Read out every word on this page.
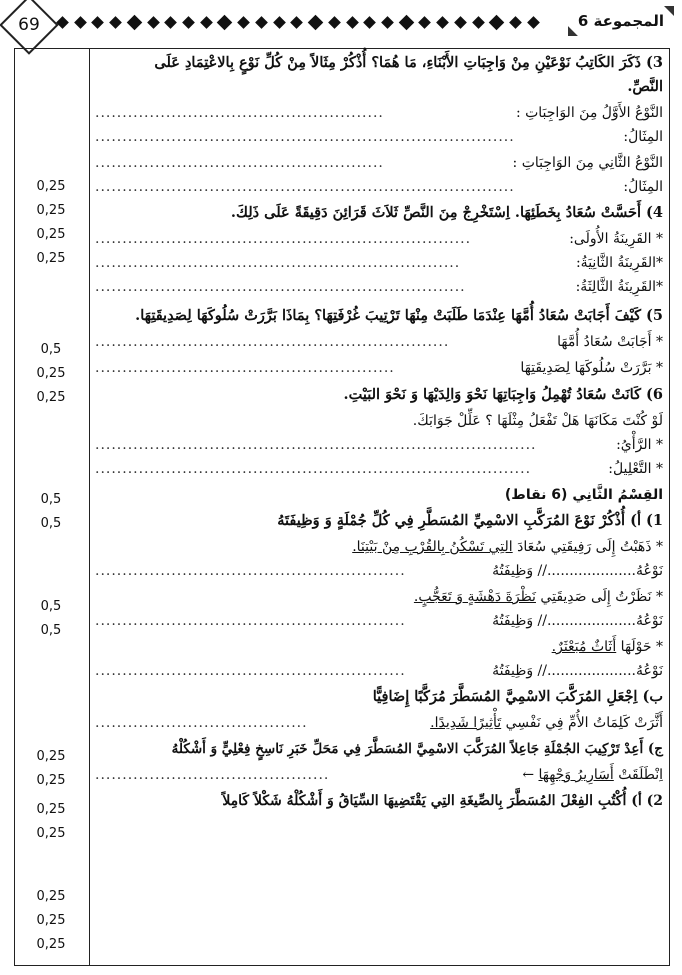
69	المجموعة 6
0,25
0,25
0,25
0,25
0,5
0,25
0,25
0,5
0,5
0,5
0,5
0,25
0,25
0,25
0,25
0,25
0,25
0,25
3) ذَكَرَ الكَاتِبُ نَوْعَيْنِ مِنْ وَاجِبَاتِ الأَبْنَاءِ، مَا هُمَا؟ أُذْكُرْ مِثَالاً مِنْ كُلِّ نَوْعٍ بِالاعْتِمَادِ عَلَى
النَّصِّ.
النَّوْعُ الأَوَّلُ مِنَ الوَاجِبَاتِ :
.....................................................
المِثَالُ:
.............................................................................
النَّوْعُ الثَّانِي مِنَ الوَاجِبَاتِ :
.....................................................
المِثَالُ:
.............................................................................
4) أَحَسَّتْ سُعَادُ بِخَطَئِهَا. اِسْتَخْرِجْ مِنَ النَّصِّ ثَلاَثَ قَرَائِنَ دَقِيقَةً عَلَى ذَلِكَ.
* القَرِينَةُ الأُولَى:
.....................................................................
*القَرِينَةُ الثَّانِيَةُ:
...................................................................
*القَرِينَةُ الثَّالِثَةُ:
....................................................................
5) كَيْفَ أَجَابَتْ سُعَادُ أُمَّهَا عِنْدَمَا طَلَبَتْ مِنْهَا تَرْتِيبَ غُرْفَتِهَا؟ بِمَاذَا بَرَّرَتْ سُلُوكَهَا لِصَدِيقَتِهَا.
* أَجَابَتْ سُعَادُ أُمَّهَا
.................................................................
* بَرَّرَتْ سُلُوكَهَا لِصَدِيقَتِهَا
.......................................................
6) كَانَتْ سُعَادُ تُهْمِلُ وَاجِبَاتِهَا نَحْوَ وَالِدَيْهَا وَ نَحْوَ البَيْتِ.
لَوْ كُنْتَ مَكَانَهَا هَلْ تَفْعَلُ مِثْلَهَا ؟ عَلِّلْ جَوَابَكَ.
* الرَّأْيُ:
.................................................................................
* التَّعْلِيلُ:
................................................................................
القِسْمُ الثَّانِي (6 نقاط)
1) أ) أُذْكُرْ نَوْعَ المُرَكَّبِ الاسْمِيِّ المُسَطَّرِ فِي كُلِّ جُمْلَةٍ وَ وَظِيفَتَهُ
* ذَهَبْتُ إِلَى رَفِيقَتِي سُعَادَ التِي تَسْكُنُ بِالقُرْبِ مِنْ بَيْتِنَا.
نَوْعُهُ....................// وَظِيفَتُهُ
.........................................................
* نَظَرْتُ إِلَى صَدِيقَتِي نَظْرَةَ دَهْشَةٍ وَ تَعَجُّبٍ.
نَوْعُهُ....................// وَظِيفَتُهُ
.........................................................
* حَوْلَهَا أَثَاثٌ مُبَعْثَرٌ.
نَوْعُهُ....................// وَظِيفَتُهُ
.........................................................
ب) اِجْعَلِ المُرَكَّبَ الاسْمِيَّ المُسَطَّرَ مُرَكَّبًا إِضَافِيًّا
أَثَّرَتْ كَلِمَاتُ الأُمِّ فِي نَفْسِي تَأْثِيرًا شَدِيدًا.
.......................................
ج) أَعِدْ تَرْكِيبَ الجُمْلَةِ جَاعِلاً المُرَكَّبَ الاسْمِيَّ المُسَطَّرَ فِي مَحَلِّ خَبَرِ نَاسِخٍ فِعْلِيٍّ وَ أَشْكُلْهُ
اِنْطَلَقَتْ أَسَارِيرُ وَجْهِهَا ←
...........................................
2) أ) أُكْتُبِ الفِعْلَ المُسَطَّرَ بِالصِّيغَةِ التِي يَقْتَضِيهَا السِّيَاقُ وَ أَشْكُلْهُ شَكْلاً كَامِلاً
